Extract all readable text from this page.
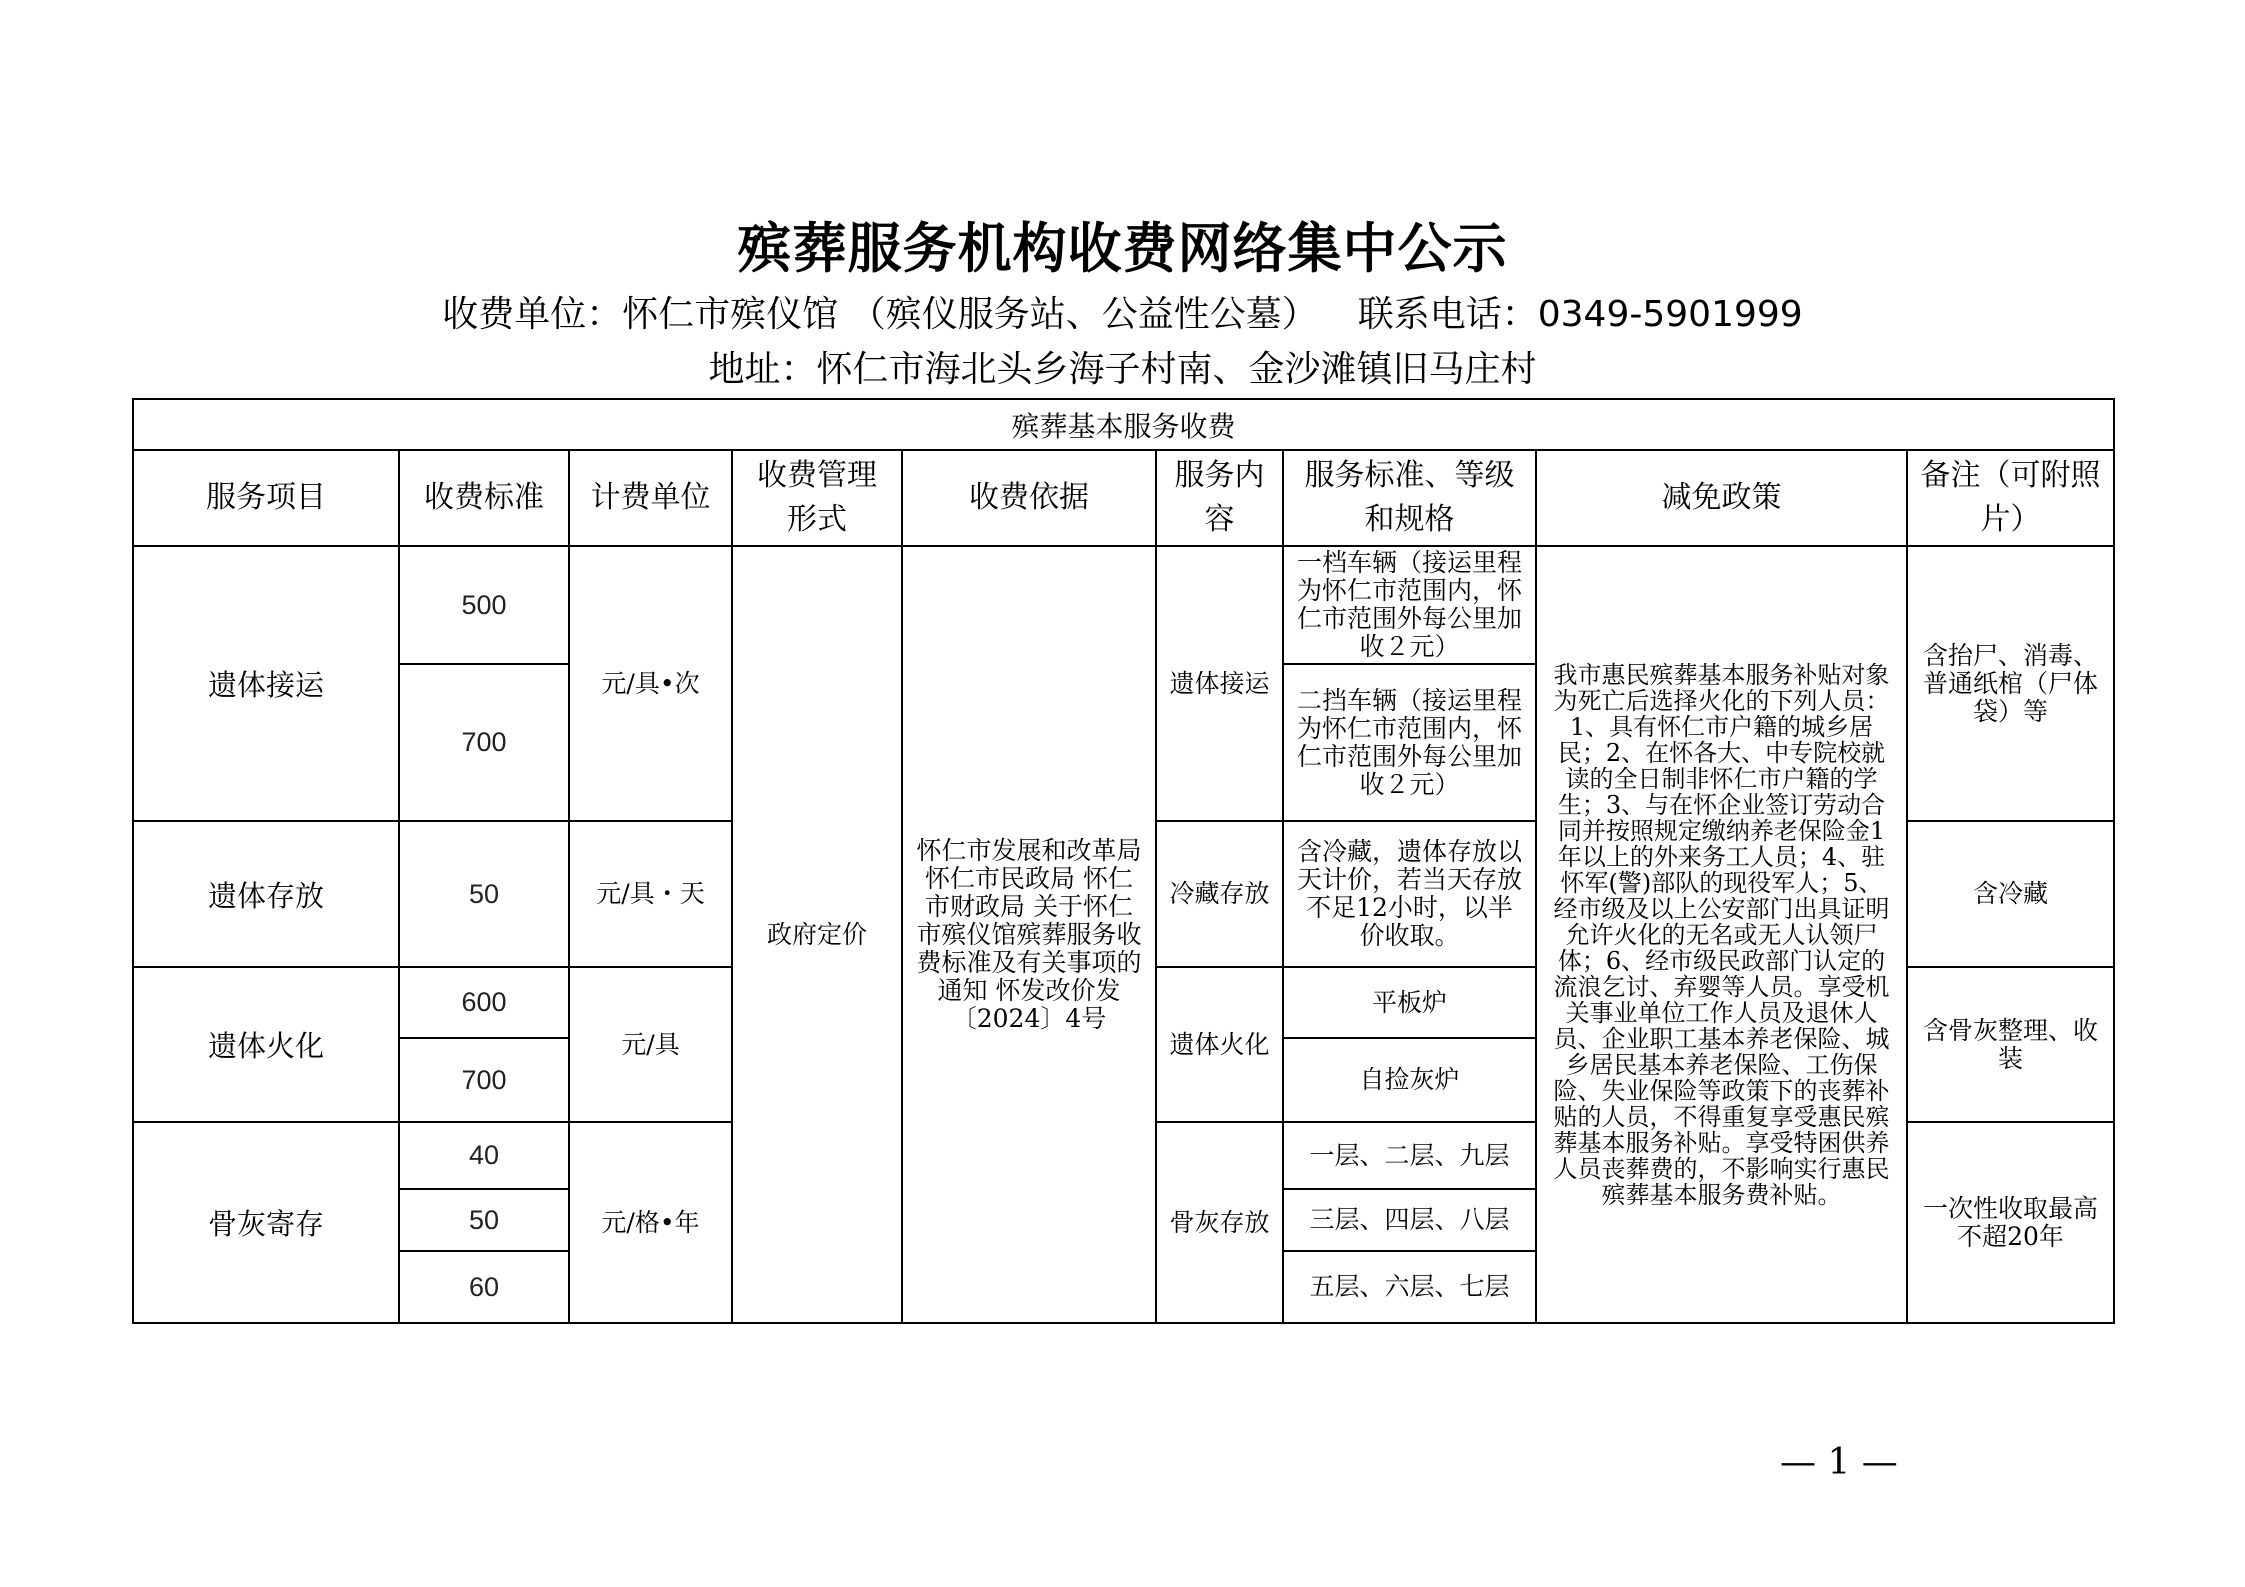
殡葬服务机构收费网络集中公示
收费单位：怀仁市殡仪馆 （殡仪服务站、公益性公墓） 联系电话：0349-5901999
地址：怀仁市海北头乡海子村南、金沙滩镇旧马庄村
殡葬基本服务收费								
服务项目	收费标准	计费单位	收费管理形式	收费依据	服务内容	服务标准、等级和规格	减免政策	备注（可附照片）
遗体接运	500	元/具•次	政府定价	怀仁市发展和改革局 怀仁市民政局 怀仁市财政局 关于怀仁市殡仪馆殡葬服务收费标准及有关事项的通知 怀发改价发〔2024〕4号	遗体接运	一档车辆（接运里程为怀仁市范围内，怀仁市范围外每公里加收２元）	我市惠民殡葬基本服务补贴对象为死亡后选择火化的下列人员：1、具有怀仁市户籍的城乡居民；2、在怀各大、中专院校就读的全日制非怀仁市户籍的学生；3、与在怀企业签订劳动合同并按照规定缴纳养老保险金1年以上的外来务工人员；4、驻怀军(警)部队的现役军人；5、经市级及以上公安部门出具证明允许火化的无名或无人认领尸体；6、经市级民政部门认定的流浪乞讨、弃婴等人员。享受机关事业单位工作人员及退休人员、企业职工基本养老保险、城乡居民基本养老保险、工伤保险、失业保险等政策下的丧葬补贴的人员，不得重复享受惠民殡葬基本服务补贴。享受特困供养人员丧葬费的，不影响实行惠民殡葬基本服务费补贴。	含抬尸、消毒、普通纸棺（尸体袋）等
	700					二挡车辆（接运里程为怀仁市范围内，怀仁市范围外每公里加收２元）		
遗体存放	50	元/具・天			冷藏存放	含冷藏，遗体存放以天计价，若当天存放不足12小时，以半价收取。		含冷藏
遗体火化	600	元/具			遗体火化	平板炉		含骨灰整理、收装
	700					自捡灰炉		
骨灰寄存	40	元/格•年			骨灰存放	一层、二层、九层		一次性收取最高不超20年
	50					三层、四层、八层		
	60					五层、六层、七层		
— 1 —
